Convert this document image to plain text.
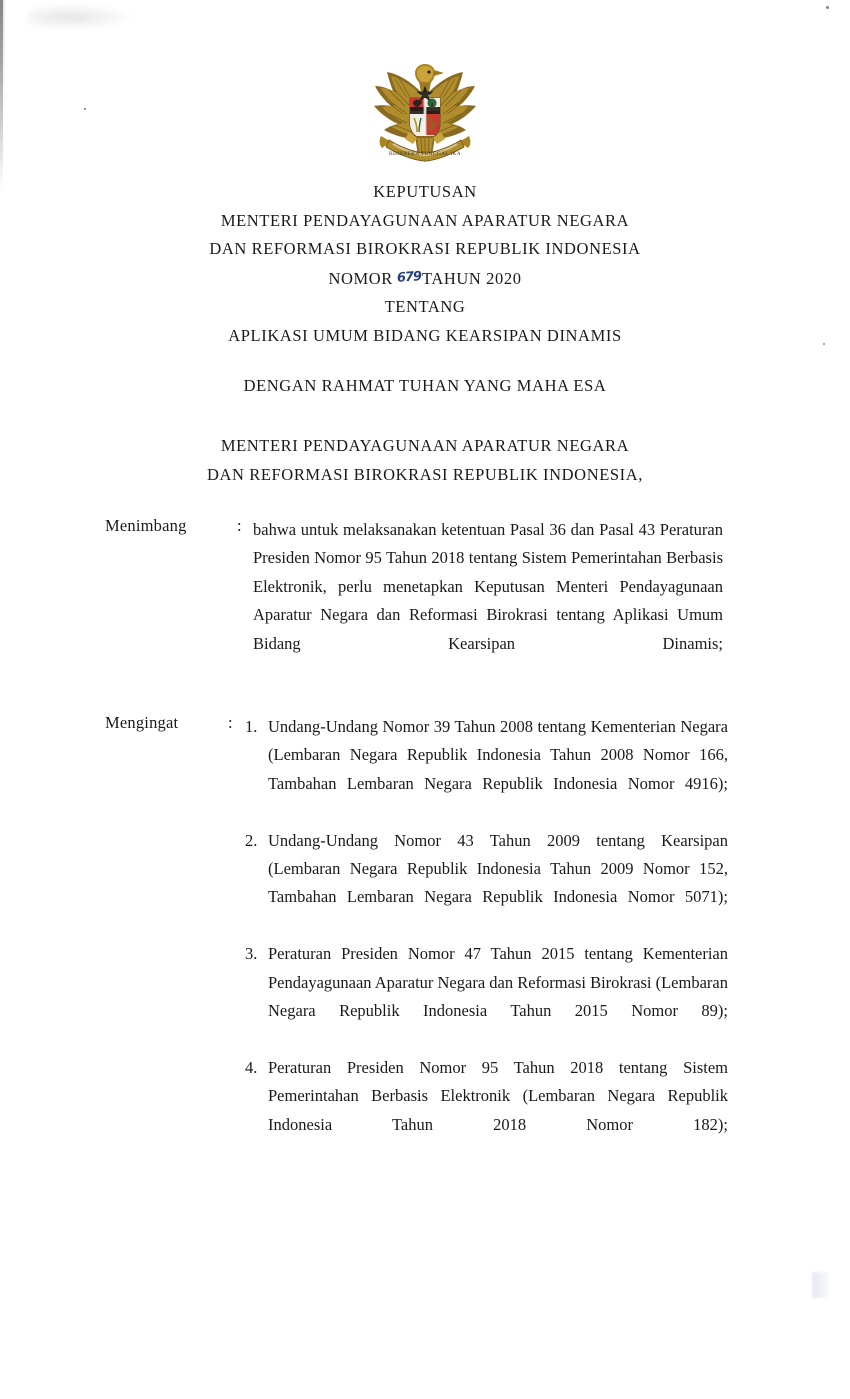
BHINNEKA TUNGGAL IKA
KEPUTUSAN
MENTERI PENDAYAGUNAAN APARATUR NEGARA
DAN REFORMASI BIROKRASI REPUBLIK INDONESIA
NOMOR 679TAHUN 2020
TENTANG
APLIKASI UMUM BIDANG KEARSIPAN DINAMIS
DENGAN RAHMAT TUHAN YANG MAHA ESA
MENTERI PENDAYAGUNAAN APARATUR NEGARA
DAN REFORMASI BIROKRASI REPUBLIK INDONESIA,
Menimbang	: bahwa untuk melaksanakan ketentuan Pasal 36 dan Pasal 43 Peraturan Presiden Nomor 95 Tahun 2018 tentang Sistem Pemerintahan Berbasis Elektronik, perlu menetapkan Keputusan Menteri Pendayagunaan Aparatur Negara dan Reformasi Birokrasi tentang Aplikasi Umum Bidang Kearsipan Dinamis;

Mengingat	: 1. Undang-Undang Nomor 39 Tahun 2008 tentang Kementerian Negara (Lembaran Negara Republik Indonesia Tahun 2008 Nomor 166, Tambahan Lembaran Negara Republik Indonesia Nomor 4916);
2. Undang-Undang Nomor 43 Tahun 2009 tentang Kearsipan (Lembaran Negara Republik Indonesia Tahun 2009 Nomor 152, Tambahan Lembaran Negara Republik Indonesia Nomor 5071);
3. Peraturan Presiden Nomor 47 Tahun 2015 tentang Kementerian Pendayagunaan Aparatur Negara dan Reformasi Birokrasi (Lembaran Negara Republik Indonesia Tahun 2015 Nomor 89);
4. Peraturan Presiden Nomor 95 Tahun 2018 tentang Sistem Pemerintahan Berbasis Elektronik (Lembaran Negara Republik Indonesia Tahun 2018 Nomor 182);
